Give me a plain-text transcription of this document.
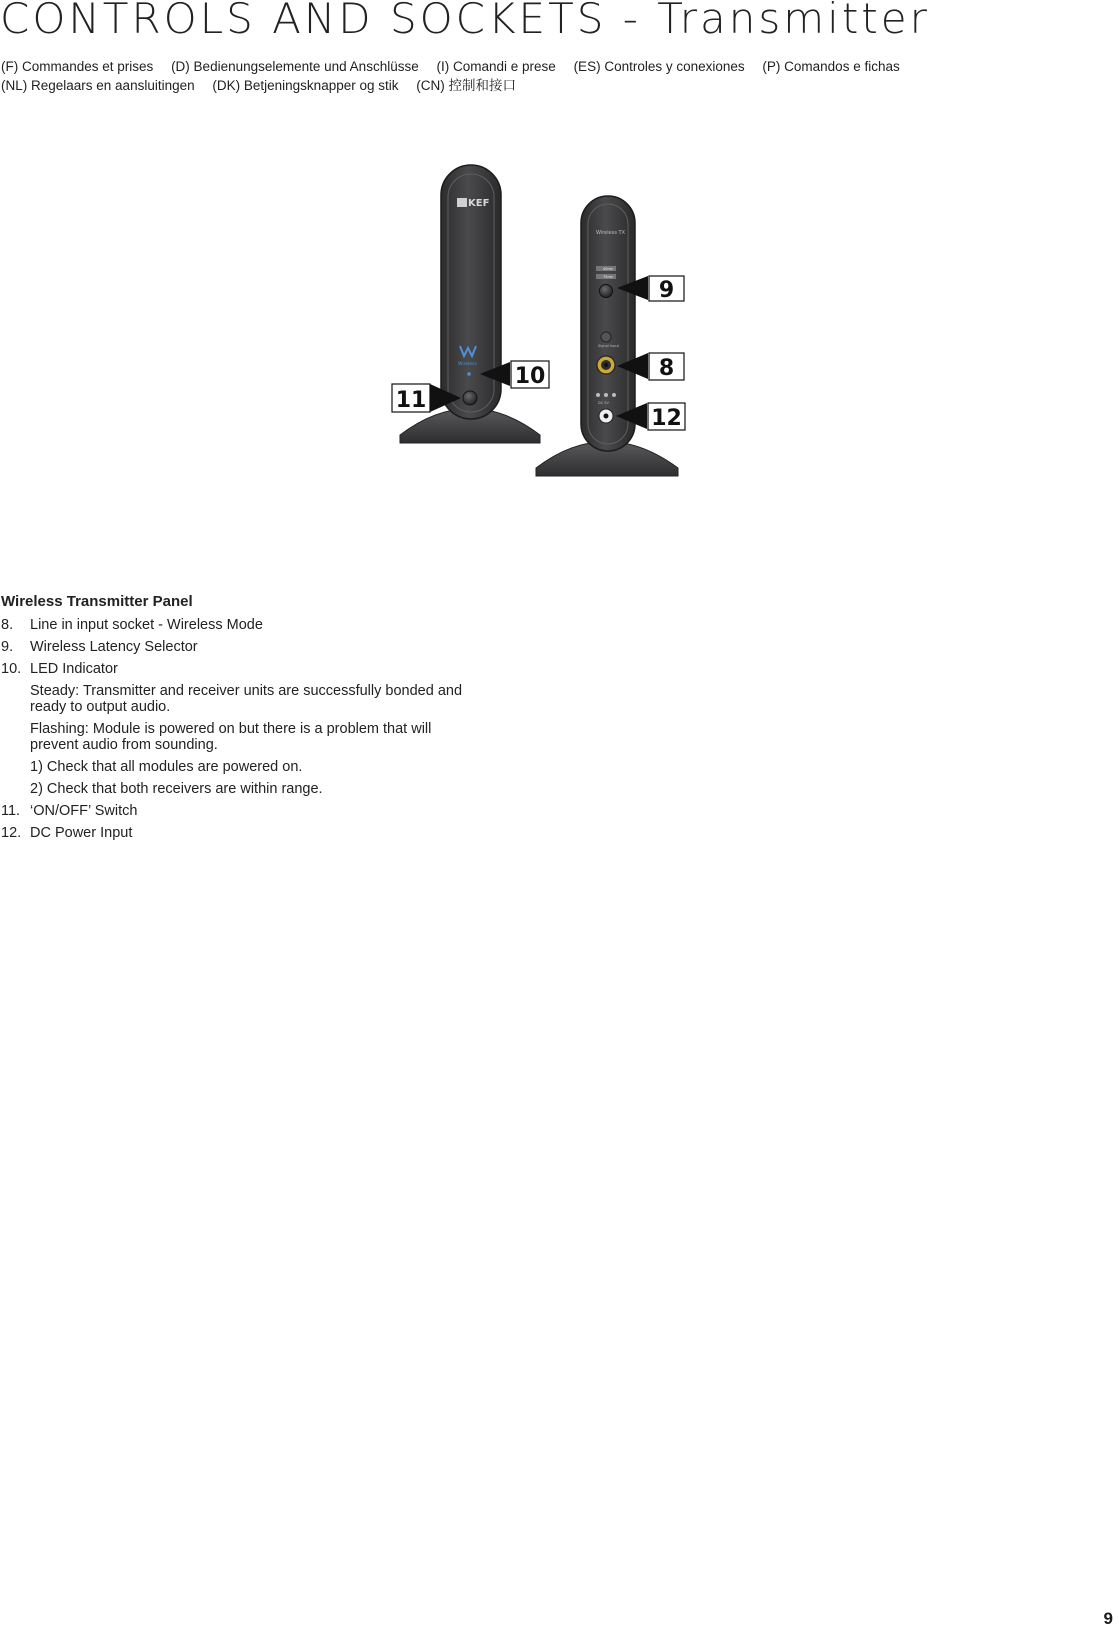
CONTROLS AND SOCKETS - Transmitter
(F) Commandes et prises (D) Bedienungselemente und Anschlüsse (I) Comandi e prese (ES) Controles y conexiones (P) Comandos e fichas
(NL) Regelaars en aansluitingen (DK) Betjeningsknapper og stik (CN) 控制和接口
KEF
Wireless
Wireless TX
40ms
75ms
Signal Input
DC 5V
9
8
12
10
11
Wireless Transmitter Panel
8.	Line in input socket - Wireless Mode
9.	Wireless Latency Selector
10. LED Indicator
Steady: Transmitter and receiver units are successfully bonded and ready to output audio.
Flashing: Module is powered on but there is a problem that will prevent audio from sounding.
1) Check that all modules are powered on.
2) Check that both receivers are within range.
11. ‘ON/OFF’ Switch
12. DC Power Input
9
